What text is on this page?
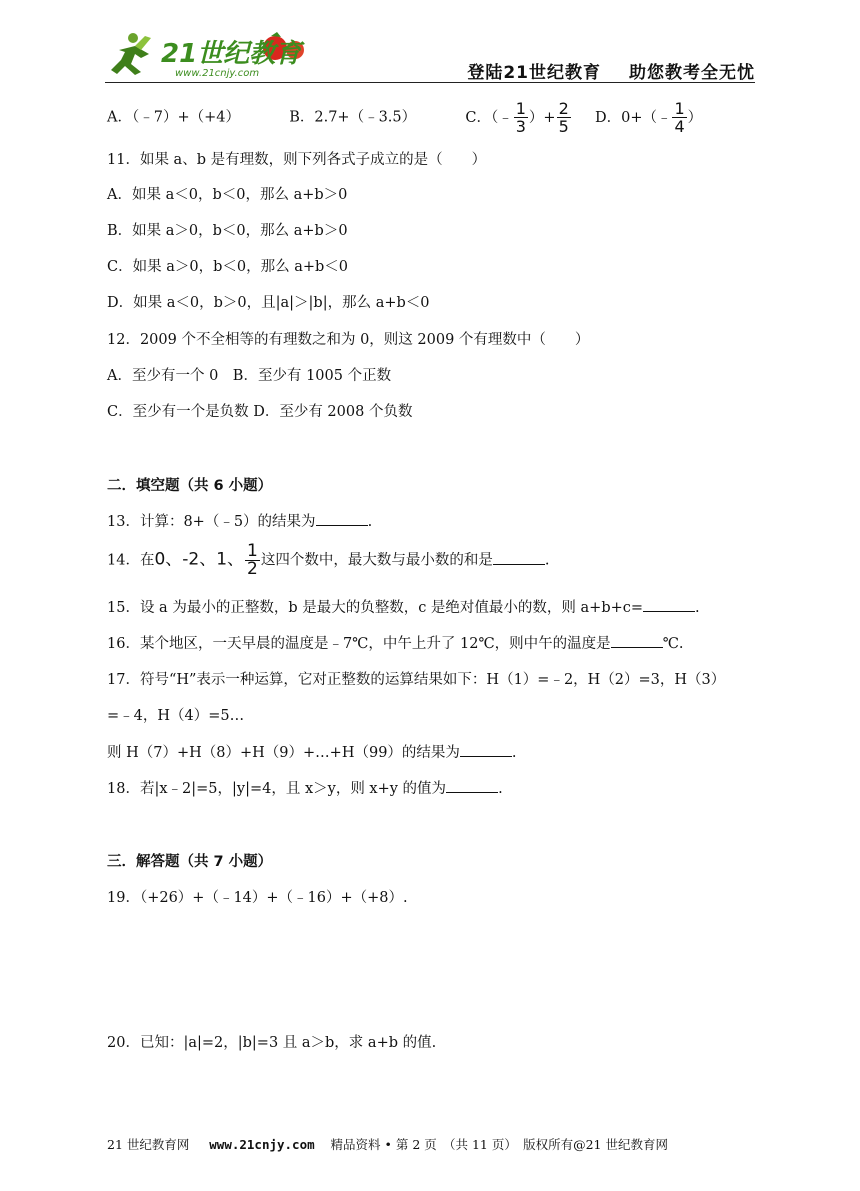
21世纪教育
www.21cnjy.com	登陆21世纪教育 助您教考全无忧
A．（﹣7）+（+4）	B．2.7+（﹣3.5）	C．（﹣ $\frac{1}{3}$ ）+ $\frac{2}{5}$ D．0+（﹣ $\frac{1}{4}$ ）
11．如果 a、b 是有理数，则下列各式子成立的是（　　）
A．如果 a＜0，b＜0，那么 a+b＞0
B．如果 a＞0，b＜0，那么 a+b＞0
C．如果 a＞0，b＜0，那么 a+b＜0
D．如果 a＜0，b＞0，且|a|＞|b|，那么 a+b＜0
12．2009 个不全相等的有理数之和为 0，则这 2009 个有理数中（　　）
A．至少有一个 0　B．至少有 1005 个正数
C．至少有一个是负数 D．至少有 2008 个负数
二．填空题（共 6 小题）
13．计算：8+（﹣5）的结果为	.
14．在0、-2、1、 $\frac{1}{2}$ 这四个数中，最大数与最小数的和是	.
15．设 a 为最小的正整数，b 是最大的负整数，c 是绝对值最小的数，则 a+b+c=	.
16．某个地区，一天早晨的温度是﹣7℃，中午上升了 12℃，则中午的温度是	℃.
17．符号“H”表示一种运算，它对正整数的运算结果如下：H（1）=﹣2，H（2）=3，H（3）
=﹣4，H（4）=5…
则 H（7）+H（8）+H（9）+…+H（99）的结果为	.
18．若|x﹣2|=5，|y|=4，且 x＞y，则 x+y 的值为	.
三．解答题（共 7 小题）
19．（+26）+（﹣14）+（﹣16）+（+8）.
20．已知：|a|=2，|b|=3 且 a＞b，求 a+b 的值.
21 世纪教育网 www.21cnjy.com 精品资料 • 第 2 页　（共 11 页）　版权所有@21 世纪教育网
